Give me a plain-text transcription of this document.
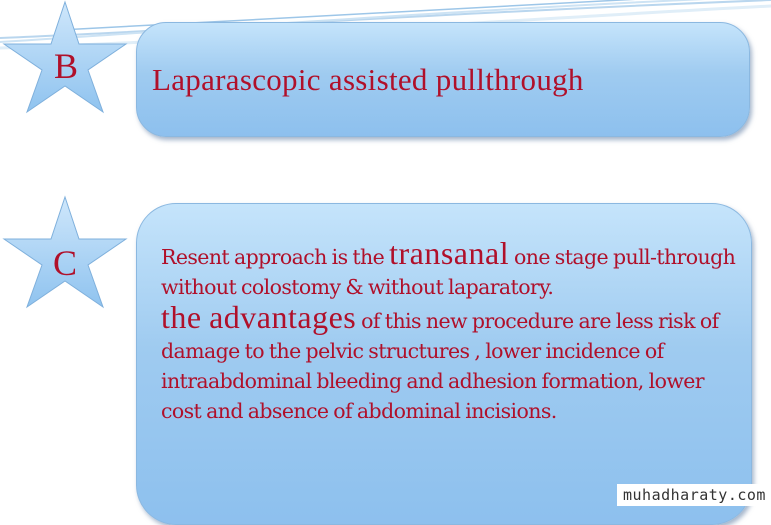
B Laparascopic assisted pullthrough
C	Resent approach is the transanal one stage pull-through without colostomy & without laparatory.
the advantages of this new procedure are less risk of damage to the pelvic structures , lower incidence of intraabdominal bleeding and adhesion formation, lower cost and absence of abdominal incisions.
muhadharaty.com
